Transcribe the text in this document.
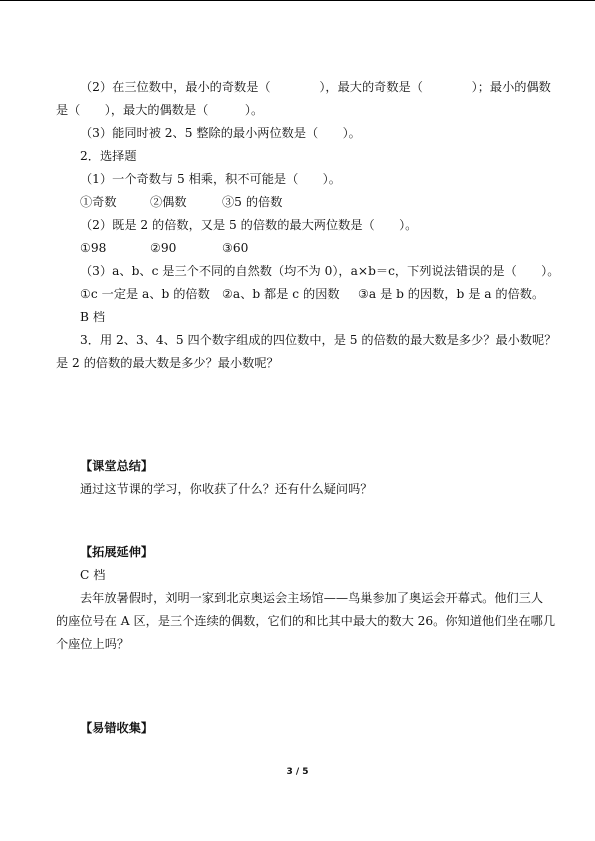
（2）在三位数中，最小的奇数是（　　　　），最大的奇数是（　　　　）；最小的偶数
是（　　），最大的偶数是（　　　）。
（3）能同时被 2、5 整除的最小两位数是（　　）。
2．选择题
（1）一个奇数与 5 相乘，积不可能是（　　）。
①奇数	②偶数	③5 的倍数
（2）既是 2 的倍数，又是 5 的倍数的最大两位数是（　　）。
①98	②90	③60
（3）a、b、c 是三个不同的自然数（均不为 0），a×b＝c，下列说法错误的是（　　）。
①c 一定是 a、b 的倍数 ②a、b 都是 c 的因数 ③a 是 b 的因数，b 是 a 的倍数。
B 档
3．用 2、3、4、5 四个数字组成的四位数中，是 5 的倍数的最大数是多少？最小数呢？
是 2 的倍数的最大数是多少？最小数呢？
【课堂总结】
通过这节课的学习，你收获了什么？还有什么疑问吗？
【拓展延伸】
C 档
去年放暑假时，刘明一家到北京奥运会主场馆——鸟巢参加了奥运会开幕式。他们三人
的座位号在 A 区，是三个连续的偶数，它们的和比其中最大的数大 26。你知道他们坐在哪几
个座位上吗？
【易错收集】
3 / 5
